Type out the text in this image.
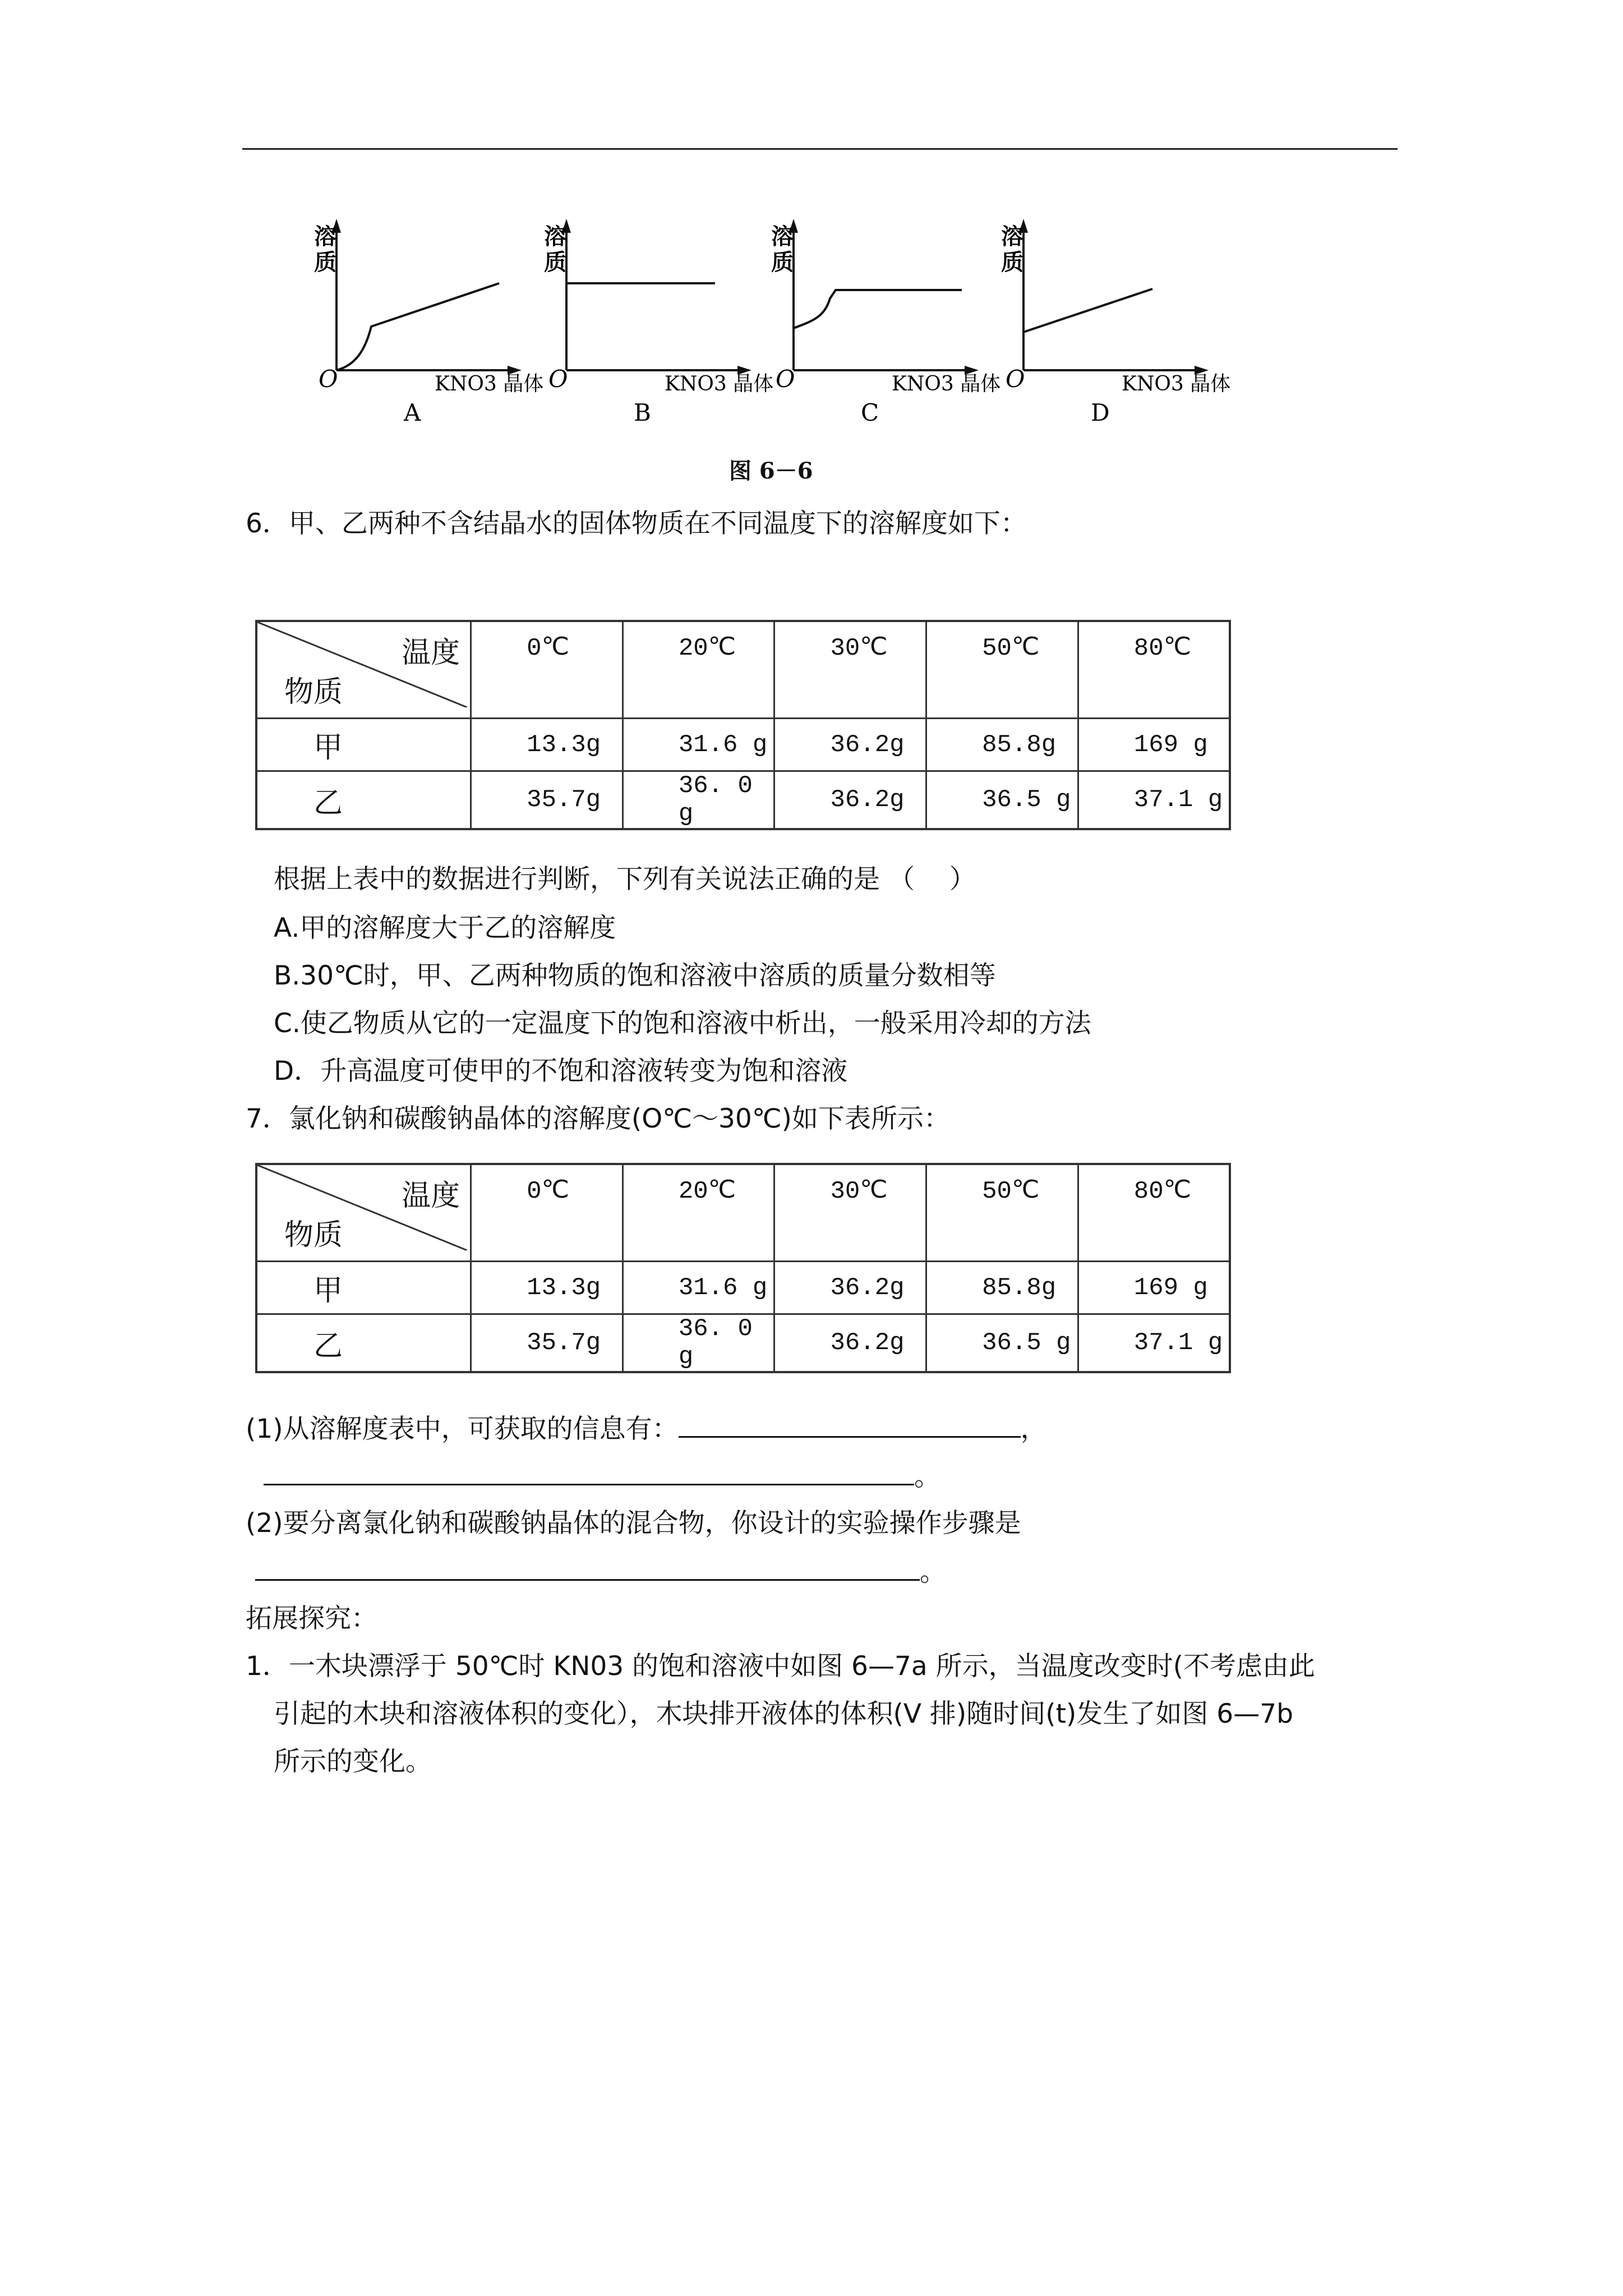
溶
质
O	KNO3 晶体
A
溶
质
O	KNO3 晶体
B
溶
质
O	KNO3 晶体
C
溶
质
O	KNO3 晶体
D
图 6－6
6．甲、乙两种不含结晶水的固体物质在不同温度下的溶解度如下：
温度
物质	0℃	20℃	30℃	50℃	80℃
甲	13.3g	31.6 g	36.2g	85.8g	169 g
乙	35.7g	36. 0 g	36.2g	36.5 g	37.1 g
根据上表中的数据进行判断，下列有关说法正确的是 （　 ）
A.甲的溶解度大于乙的溶解度
B.30℃时，甲、乙两种物质的饱和溶液中溶质的质量分数相等
C.使乙物质从它的一定温度下的饱和溶液中析出，一般采用冷却的方法
D．升高温度可使甲的不饱和溶液转变为饱和溶液
7．氯化钠和碳酸钠晶体的溶解度(O℃～30℃)如下表所示：
温度
物质	0℃	20℃	30℃	50℃	80℃
甲	13.3g	31.6 g	36.2g	85.8g	169 g
乙	35.7g	36. 0 g	36.2g	36.5 g	37.1 g
(1)从溶解度表中，可获取的信息有：	，
。
(2)要分离氯化钠和碳酸钠晶体的混合物，你设计的实验操作步骤是
。
拓展探究：
1．一木块漂浮于 50℃时 KN03 的饱和溶液中如图 6—7a 所示，当温度改变时(不考虑由此
引起的木块和溶液体积的变化），木块排开液体的体积(V 排)随时间(t)发生了如图 6—7b
所示的变化。
